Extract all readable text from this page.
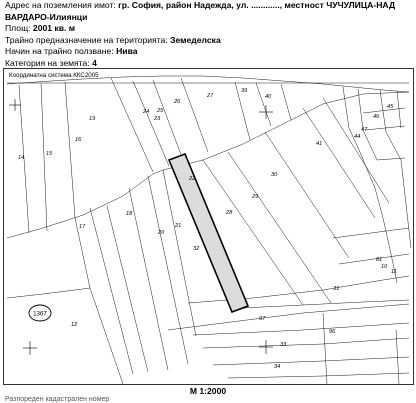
Адрес на поземления имот: гр. София, район Надежда, ул. ............, местност ЧУЧУЛИЦА-НАД ВАРДАРО-Илиянци
Площ: 2001 кв. м
Трайно предназначение на територията: Земеделска
Начин на трайно ползване: Нива
Категория на земята: 4
Координатна система ККС2005
39
40
27
26
25
24
23
19
16
15
14
22
32
28
30
29
41
44
47
46
45
18
20
21
17
10
11
81
31
97
96
33
34
12
1367
М 1:2000
Разпореден кадастрален номер
